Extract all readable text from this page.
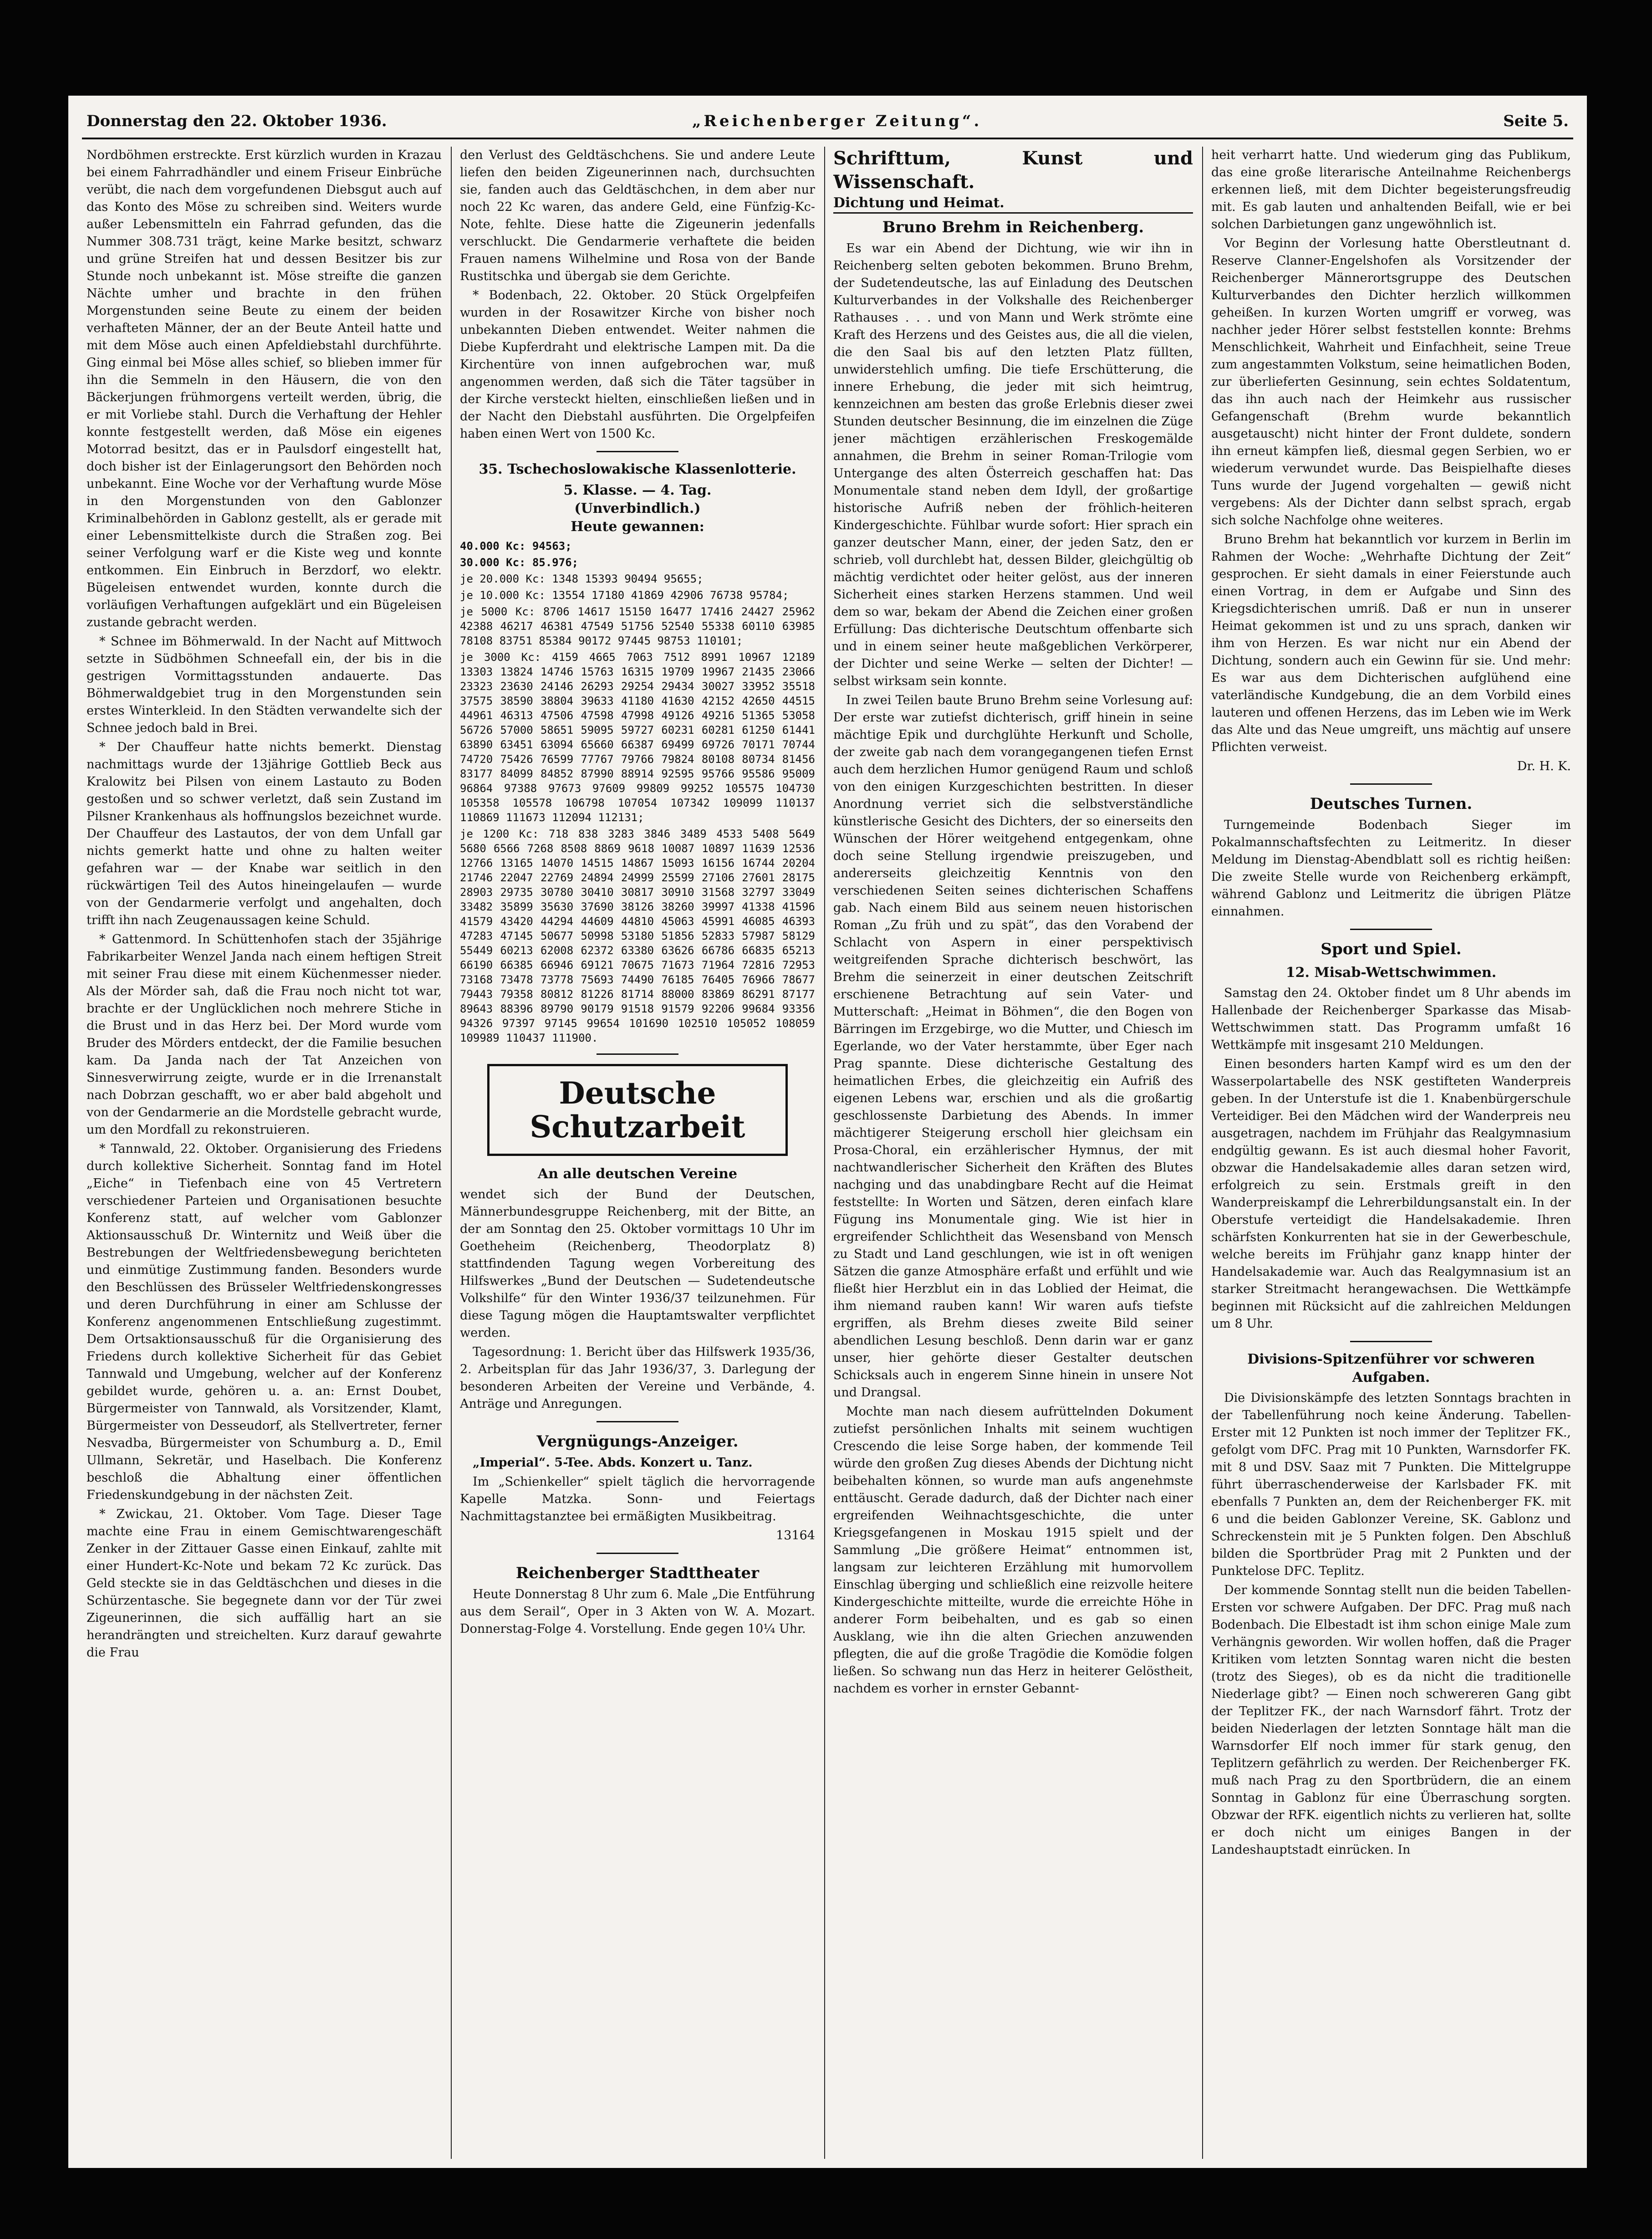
Donnerstag den 22. Oktober 1936.	„Reichenberger Zeitung“.	Seite 5.

Nordböhmen erstreckte. Erst kürzlich wurden in Krazau bei einem Fahrradhändler und einem Friseur Einbrüche verübt, die nach dem vorgefundenen Diebsgut auch auf das Konto des Möse zu schreiben sind. Weiters wurde außer Lebensmitteln ein Fahrrad gefunden, das die Nummer 308.731 trägt, keine Marke besitzt, schwarz und grüne Streifen hat und dessen Besitzer bis zur Stunde noch unbekannt ist. Möse streifte die ganzen Nächte umher und brachte in den frühen Morgenstunden seine Beute zu einem der beiden verhafteten Männer, der an der Beute Anteil hatte und mit dem Möse auch einen Apfeldiebstahl durchführte. Ging einmal bei Möse alles schief, so blieben immer für ihn die Semmeln in den Häusern, die von den Bäckerjungen frühmorgens verteilt werden, übrig, die er mit Vorliebe stahl. Durch die Verhaftung der Hehler konnte festgestellt werden, daß Möse ein eigenes Motorrad besitzt, das er in Paulsdorf eingestellt hat, doch bisher ist der Einlagerungsort den Behörden noch unbekannt. Eine Woche vor der Verhaftung wurde Möse in den Morgenstunden von den Gablonzer Kriminalbehörden in Gablonz gestellt, als er gerade mit einer Lebensmittelkiste durch die Straßen zog. Bei seiner Verfolgung warf er die Kiste weg und konnte entkommen. Ein Einbruch in Berzdorf, wo elektr. Bügeleisen entwendet wurden, konnte durch die vorläufigen Verhaftungen aufgeklärt und ein Bügeleisen zustande gebracht werden.

* Schnee im Böhmerwald. In der Nacht auf Mittwoch setzte in Südböhmen Schneefall ein, der bis in die gestrigen Vormittagsstunden andauerte. Das Böhmerwaldgebiet trug in den Morgenstunden sein erstes Winterkleid. In den Städten verwandelte sich der Schnee jedoch bald in Brei.

* Der Chauffeur hatte nichts bemerkt. Dienstag nachmittags wurde der 13jährige Gottlieb Beck aus Kralowitz bei Pilsen von einem Lastauto zu Boden gestoßen und so schwer verletzt, daß sein Zustand im Pilsner Krankenhaus als hoffnungslos bezeichnet wurde. Der Chauffeur des Lastautos, der von dem Unfall gar nichts gemerkt hatte und ohne zu halten weiter gefahren war — der Knabe war seitlich in den rückwärtigen Teil des Autos hineingelaufen — wurde von der Gendarmerie verfolgt und angehalten, doch trifft ihn nach Zeugenaussagen keine Schuld.

* Gattenmord. In Schüttenhofen stach der 35jährige Fabrikarbeiter Wenzel Janda nach einem heftigen Streit mit seiner Frau diese mit einem Küchenmesser nieder. Als der Mörder sah, daß die Frau noch nicht tot war, brachte er der Unglücklichen noch mehrere Stiche in die Brust und in das Herz bei. Der Mord wurde vom Bruder des Mörders entdeckt, der die Familie besuchen kam. Da Janda nach der Tat Anzeichen von Sinnesverwirrung zeigte, wurde er in die Irrenanstalt nach Dobrzan geschafft, wo er aber bald abgeholt und von der Gendarmerie an die Mordstelle gebracht wurde, um den Mordfall zu rekonstruieren.

* Tannwald, 22. Oktober. Organisierung des Friedens durch kollektive Sicherheit. Sonntag fand im Hotel „Eiche“ in Tiefenbach eine von 45 Vertretern verschiedener Parteien und Organisationen besuchte Konferenz statt, auf welcher vom Gablonzer Aktionsausschuß Dr. Winternitz und Weiß über die Bestrebungen der Weltfriedensbewegung berichteten und einmütige Zustimmung fanden. Besonders wurde den Beschlüssen des Brüsseler Weltfriedenskongresses und deren Durchführung in einer am Schlusse der Konferenz angenommenen Entschließung zugestimmt. Dem Ortsaktionsausschuß für die Organisierung des Friedens durch kollektive Sicherheit für das Gebiet Tannwald und Umgebung, welcher auf der Konferenz gebildet wurde, gehören u. a. an: Ernst Doubet, Bürgermeister von Tannwald, als Vorsitzender, Klamt, Bürgermeister von Desseudorf, als Stellvertreter, ferner Nesvadba, Bürgermeister von Schumburg a. D., Emil Ullmann, Sekretär, und Haselbach. Die Konferenz beschloß die Abhaltung einer öffentlichen Friedenskundgebung in der nächsten Zeit.

* Zwickau, 21. Oktober. Vom Tage. Dieser Tage machte eine Frau in einem Gemischtwarengeschäft Zenker in der Zittauer Gasse einen Einkauf, zahlte mit einer Hundert-Kc-Note und bekam 72 Kc zurück. Das Geld steckte sie in das Geldtäschchen und dieses in die Schürzentasche. Sie begegnete dann vor der Tür zwei Zigeunerinnen, die sich auffällig hart an sie herandrängten und streichelten. Kurz darauf gewahrte die Frau

den Verlust des Geldtäschchens. Sie und andere Leute liefen den beiden Zigeunerinnen nach, durchsuchten sie, fanden auch das Geldtäschchen, in dem aber nur noch 22 Kc waren, das andere Geld, eine Fünfzig-Kc-Note, fehlte. Diese hatte die Zigeunerin jedenfalls verschluckt. Die Gendarmerie verhaftete die beiden Frauen namens Wilhelmine und Rosa von der Bande Rustitschka und übergab sie dem Gerichte.

* Bodenbach, 22. Oktober. 20 Stück Orgelpfeifen wurden in der Rosawitzer Kirche von bisher noch unbekannten Dieben entwendet. Weiter nahmen die Diebe Kupferdraht und elektrische Lampen mit. Da die Kirchentüre von innen aufgebrochen war, muß angenommen werden, daß sich die Täter tagsüber in der Kirche versteckt hielten, einschließen ließen und in der Nacht den Diebstahl ausführten. Die Orgelpfeifen haben einen Wert von 1500 Kc.

35. Tschechoslowakische Klassenlotterie.

5. Klasse. — 4. Tag.

(Unverbindlich.)

Heute gewannen:

40.000 Kc: 94563;

30.000 Kc: 85.976;

je 20.000 Kc: 1348 15393 90494 95655;

je 10.000 Kc: 13554 17180 41869 42906 76738 95784;

je 5000 Kc: 8706 14617 15150 16477 17416 24427 25962 42388 46217 46381 47549 51756 52540 55338 60110 63985 78108 83751 85384 90172 97445 98753 110101;

je 3000 Kc: 4159 4665 7063 7512 8991 10967 12189 13303 13824 14746 15763 16315 19709 19967 21435 23066 23323 23630 24146 26293 29254 29434 30027 33952 35518 37575 38590 38804 39633 41180 41630 42152 42650 44515 44961 46313 47506 47598 47998 49126 49216 51365 53058 56726 57000 58651 59095 59727 60231 60281 61250 61441 63890 63451 63094 65660 66387 69499 69726 70171 70744 74720 75426 76599 77767 79766 79824 80108 80734 81456 83177 84099 84852 87990 88914 92595 95766 95586 95009 96864 97388 97673 97609 99809 99252 105575 104730 105358 105578 106798 107054 107342 109099 110137 110869 111673 112094 112131;

je 1200 Kc: 718 838 3283 3846 3489 4533 5408 5649 5680 6566 7268 8508 8869 9618 10087 10897 11639 12536 12766 13165 14070 14515 14867 15093 16156 16744 20204 21746 22047 22769 24894 24999 25599 27106 27601 28175 28903 29735 30780 30410 30817 30910 31568 32797 33049 33482 35899 35630 37690 38126 38260 39997 41338 41596 41579 43420 44294 44609 44810 45063 45991 46085 46393 47283 47145 50677 50998 53180 51856 52833 57987 58129 55449 60213 62008 62372 63380 63626 66786 66835 65213 66190 66385 66946 69121 70675 71673 71964 72816 72953 73168 73478 73778 75693 74490 76185 76405 76966 78677 79443 79358 80812 81226 81714 88000 83869 86291 87177 89643 88396 89790 90179 91518 91579 92206 99684 93356 94326 97397 97145 99654 101690 102510 105052 108059 109989 110437 111900.

Deutsche Schutzarbeit

An alle deutschen Vereine

wendet sich der Bund der Deutschen, Männerbundesgruppe Reichenberg, mit der Bitte, an der am Sonntag den 25. Oktober vormittags 10 Uhr im Goetheheim (Reichenberg, Theodorplatz 8) stattfindenden Tagung wegen Vorbereitung des Hilfswerkes „Bund der Deutschen — Sudetendeutsche Volkshilfe“ für den Winter 1936/37 teilzunehmen. Für diese Tagung mögen die Hauptamtswalter verpflichtet werden.

Tagesordnung: 1. Bericht über das Hilfswerk 1935/36, 2. Arbeitsplan für das Jahr 1936/37, 3. Darlegung der besonderen Arbeiten der Vereine und Verbände, 4. Anträge und Anregungen.

Vergnügungs-Anzeiger.

„Imperial“. 5-Tee. Abds. Konzert u. Tanz.

Im „Schienkeller“ spielt täglich die hervorragende Kapelle Matzka. Sonn- und Feiertags Nachmittagstanztee bei ermäßigten Musikbeitrag.

13164

Reichenberger Stadttheater

Heute Donnerstag 8 Uhr zum 6. Male „Die Entführung aus dem Serail“, Oper in 3 Akten von W. A. Mozart. Donnerstag-Folge 4. Vorstellung. Ende gegen 10¼ Uhr.

Schrifttum, Kunst und Wissenschaft.

Dichtung und Heimat.

Bruno Brehm in Reichenberg.

Es war ein Abend der Dichtung, wie wir ihn in Reichenberg selten geboten bekommen. Bruno Brehm, der Sudetendeutsche, las auf Einladung des Deutschen Kulturverbandes in der Volkshalle des Reichenberger Rathauses . . . und von Mann und Werk strömte eine Kraft des Herzens und des Geistes aus, die all die vielen, die den Saal bis auf den letzten Platz füllten, unwiderstehlich umfing. Die tiefe Erschütterung, die innere Erhebung, die jeder mit sich heimtrug, kennzeichnen am besten das große Erlebnis dieser zwei Stunden deutscher Besinnung, die im einzelnen die Züge jener mächtigen erzählerischen Freskogemälde annahmen, die Brehm in seiner Roman-Trilogie vom Untergange des alten Österreich geschaffen hat: Das Monumentale stand neben dem Idyll, der großartige historische Aufriß neben der fröhlich-heiteren Kindergeschichte. Fühlbar wurde sofort: Hier sprach ein ganzer deutscher Mann, einer, der jeden Satz, den er schrieb, voll durchlebt hat, dessen Bilder, gleichgültig ob mächtig verdichtet oder heiter gelöst, aus der inneren Sicherheit eines starken Herzens stammen. Und weil dem so war, bekam der Abend die Zeichen einer großen Erfüllung: Das dichterische Deutschtum offenbarte sich und in einem seiner heute maßgeblichen Verkörperer, der Dichter und seine Werke — selten der Dichter! — selbst wirksam sein konnte.

In zwei Teilen baute Bruno Brehm seine Vorlesung auf: Der erste war zutiefst dichterisch, griff hinein in seine mächtige Epik und durchglühte Herkunft und Scholle, der zweite gab nach dem vorangegangenen tiefen Ernst auch dem herzlichen Humor genügend Raum und schloß von den einigen Kurzgeschichten bestritten. In dieser Anordnung verriet sich die selbstverständliche künstlerische Gesicht des Dichters, der so einerseits den Wünschen der Hörer weitgehend entgegenkam, ohne doch seine Stellung irgendwie preiszugeben, und andererseits gleichzeitig Kenntnis von den verschiedenen Seiten seines dichterischen Schaffens gab. Nach einem Bild aus seinem neuen historischen Roman „Zu früh und zu spät“, das den Vorabend der Schlacht von Aspern in einer perspektivisch weitgreifenden Sprache dichterisch beschwört, las Brehm die seinerzeit in einer deutschen Zeitschrift erschienene Betrachtung auf sein Vater- und Mutterschaft: „Heimat in Böhmen“, die den Bogen von Bärringen im Erzgebirge, wo die Mutter, und Chiesch im Egerlande, wo der Vater herstammte, über Eger nach Prag spannte. Diese dichterische Gestaltung des heimatlichen Erbes, die gleichzeitig ein Aufriß des eigenen Lebens war, erschien und als die großartig geschlossenste Darbietung des Abends. In immer mächtigerer Steigerung erscholl hier gleichsam ein Prosa-Choral, ein erzählerischer Hymnus, der mit nachtwandlerischer Sicherheit den Kräften des Blutes nachging und das unabdingbare Recht auf die Heimat feststellte: In Worten und Sätzen, deren einfach klare Fügung ins Monumentale ging. Wie ist hier in ergreifender Schlichtheit das Wesensband von Mensch zu Stadt und Land geschlungen, wie ist in oft wenigen Sätzen die ganze Atmosphäre erfaßt und erfühlt und wie fließt hier Herzblut ein in das Loblied der Heimat, die ihm niemand rauben kann! Wir waren aufs tiefste ergriffen, als Brehm dieses zweite Bild seiner abendlichen Lesung beschloß. Denn darin war er ganz unser, hier gehörte dieser Gestalter deutschen Schicksals auch in engerem Sinne hinein in unsere Not und Drangsal.

Mochte man nach diesem aufrüttelnden Dokument zutiefst persönlichen Inhalts mit seinem wuchtigen Crescendo die leise Sorge haben, der kommende Teil würde den großen Zug dieses Abends der Dichtung nicht beibehalten können, so wurde man aufs angenehmste enttäuscht. Gerade dadurch, daß der Dichter nach einer ergreifenden Weihnachtsgeschichte, die unter Kriegsgefangenen in Moskau 1915 spielt und der Sammlung „Die größere Heimat“ entnommen ist, langsam zur leichteren Erzählung mit humorvollem Einschlag überging und schließlich eine reizvolle heitere Kindergeschichte mitteilte, wurde die erreichte Höhe in anderer Form beibehalten, und es gab so einen Ausklang, wie ihn die alten Griechen anzuwenden pflegten, die auf die große Tragödie die Komödie folgen ließen. So schwang nun das Herz in heiterer Gelöstheit, nachdem es vorher in ernster Gebannt-

heit verharrt hatte. Und wiederum ging das Publikum, das eine große literarische Anteilnahme Reichenbergs erkennen ließ, mit dem Dichter begeisterungsfreudig mit. Es gab lauten und anhaltenden Beifall, wie er bei solchen Darbietungen ganz ungewöhnlich ist.

Vor Beginn der Vorlesung hatte Oberstleutnant d. Reserve Clanner-Engelshofen als Vorsitzender der Reichenberger Männerortsgruppe des Deutschen Kulturverbandes den Dichter herzlich willkommen geheißen. In kurzen Worten umgriff er vorweg, was nachher jeder Hörer selbst feststellen konnte: Brehms Menschlichkeit, Wahrheit und Einfachheit, seine Treue zum angestammten Volkstum, seine heimatlichen Boden, zur überlieferten Gesinnung, sein echtes Soldatentum, das ihn auch nach der Heimkehr aus russischer Gefangenschaft (Brehm wurde bekanntlich ausgetauscht) nicht hinter der Front duldete, sondern ihn erneut kämpfen ließ, diesmal gegen Serbien, wo er wiederum verwundet wurde. Das Beispielhafte dieses Tuns wurde der Jugend vorgehalten — gewiß nicht vergebens: Als der Dichter dann selbst sprach, ergab sich solche Nachfolge ohne weiteres.

Bruno Brehm hat bekanntlich vor kurzem in Berlin im Rahmen der Woche: „Wehrhafte Dichtung der Zeit“ gesprochen. Er sieht damals in einer Feierstunde auch einen Vortrag, in dem er Aufgabe und Sinn des Kriegsdichterischen umriß. Daß er nun in unserer Heimat gekommen ist und zu uns sprach, danken wir ihm von Herzen. Es war nicht nur ein Abend der Dichtung, sondern auch ein Gewinn für sie. Und mehr: Es war aus dem Dichterischen aufglühend eine vaterländische Kundgebung, die an dem Vorbild eines lauteren und offenen Herzens, das im Leben wie im Werk das Alte und das Neue umgreift, uns mächtig auf unsere Pflichten verweist.

Dr. H. K.

Deutsches Turnen.

Turngemeinde Bodenbach Sieger im Pokalmannschaftsfechten zu Leitmeritz. In dieser Meldung im Dienstag-Abendblatt soll es richtig heißen: Die zweite Stelle wurde von Reichenberg erkämpft, während Gablonz und Leitmeritz die übrigen Plätze einnahmen.

Sport und Spiel.

12. Misab-Wettschwimmen.

Samstag den 24. Oktober findet um 8 Uhr abends im Hallenbade der Reichenberger Sparkasse das Misab-Wettschwimmen statt. Das Programm umfaßt 16 Wettkämpfe mit insgesamt 210 Meldungen.

Einen besonders harten Kampf wird es um den der Wasserpolartabelle des NSK gestifteten Wanderpreis geben. In der Unterstufe ist die 1. Knabenbürgerschule Verteidiger. Bei den Mädchen wird der Wanderpreis neu ausgetragen, nachdem im Frühjahr das Realgymnasium endgültig gewann. Es ist auch diesmal hoher Favorit, obzwar die Handelsakademie alles daran setzen wird, erfolgreich zu sein. Erstmals greift in den Wanderpreiskampf die Lehrerbildungsanstalt ein. In der Oberstufe verteidigt die Handelsakademie. Ihren schärfsten Konkurrenten hat sie in der Gewerbeschule, welche bereits im Frühjahr ganz knapp hinter der Handelsakademie war. Auch das Realgymnasium ist an starker Streitmacht herangewachsen. Die Wettkämpfe beginnen mit Rücksicht auf die zahlreichen Meldungen um 8 Uhr.

Divisions-Spitzenführer vor schweren Aufgaben.

Die Divisionskämpfe des letzten Sonntags brachten in der Tabellenführung noch keine Änderung. Tabellen-Erster mit 12 Punkten ist noch immer der Teplitzer FK., gefolgt vom DFC. Prag mit 10 Punkten, Warnsdorfer FK. mit 8 und DSV. Saaz mit 7 Punkten. Die Mittelgruppe führt überraschenderweise der Karlsbader FK. mit ebenfalls 7 Punkten an, dem der Reichenberger FK. mit 6 und die beiden Gablonzer Vereine, SK. Gablonz und Schreckenstein mit je 5 Punkten folgen. Den Abschluß bilden die Sportbrüder Prag mit 2 Punkten und der Punktelose DFC. Teplitz.

Der kommende Sonntag stellt nun die beiden Tabellen-Ersten vor schwere Aufgaben. Der DFC. Prag muß nach Bodenbach. Die Elbestadt ist ihm schon einige Male zum Verhängnis geworden. Wir wollen hoffen, daß die Prager Kritiken vom letzten Sonntag waren nicht die besten (trotz des Sieges), ob es da nicht die traditionelle Niederlage gibt? — Einen noch schwereren Gang gibt der Teplitzer FK., der nach Warnsdorf fährt. Trotz der beiden Niederlagen der letzten Sonntage hält man die Warnsdorfer Elf noch immer für stark genug, den Teplitzern gefährlich zu werden. Der Reichenberger FK. muß nach Prag zu den Sportbrüdern, die an einem Sonntag in Gablonz für eine Überraschung sorgten. Obzwar der RFK. eigentlich nichts zu verlieren hat, sollte er doch nicht um einiges Bangen in der Landeshauptstadt einrücken. In
